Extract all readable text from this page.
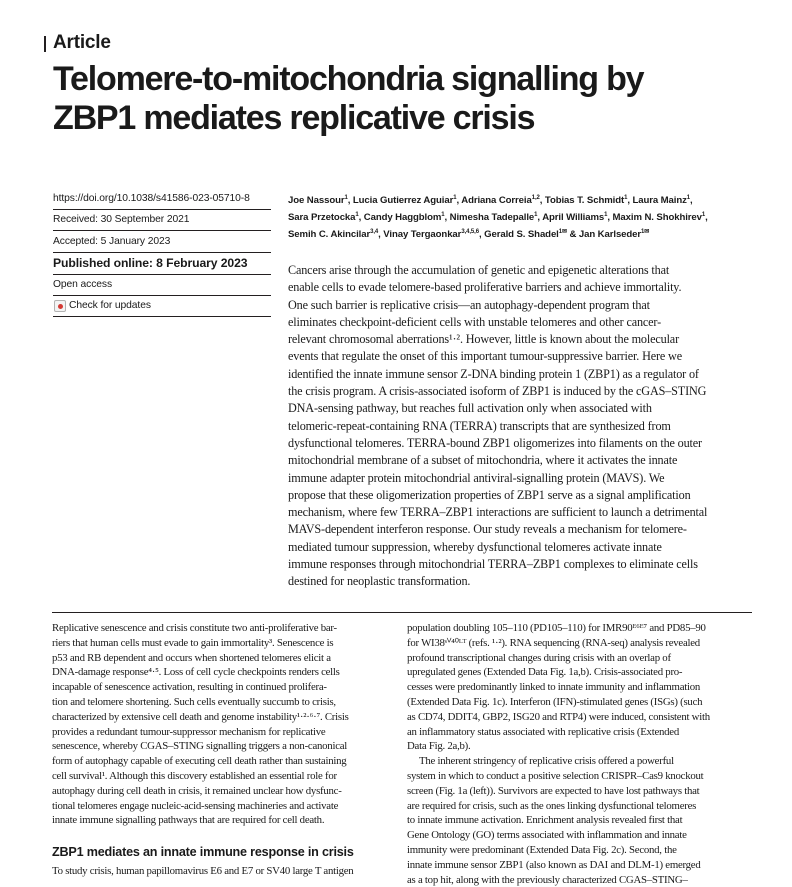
Article
Telomere-to-mitochondria signalling by
ZBP1 mediates replicative crisis
https://doi.org/10.1038/s41586-023-05710-8
Received: 30 September 2021
Accepted: 5 January 2023
Published online: 8 February 2023
Open access
Check for updates
Joe Nassour$^1$, Lucia Gutierrez Aguiar$^1$, Adriana Correia$^{1,2}$, Tobias T. Schmidt$^1$, Laura Mainz$^1$,
Sara Przetocka$^1$, Candy Haggblom$^1$, Nimesha Tadepalle$^1$, April Williams$^1$, Maxim N. Shokhirev$^1$,
Semih C. Akincilar$^{3,4}$, Vinay Tergaonkar$^{3,4,5,6}$, Gerald S. Shadel$^{1✉}$ & Jan Karlseder$^{1✉}$
Cancers arise through the accumulation of genetic and epigenetic alterations that
enable cells to evade telomere-based proliferative barriers and achieve immortality.
One such barrier is replicative crisis—an autophagy-dependent program that
eliminates checkpoint-deficient cells with unstable telomeres and other cancer-
relevant chromosomal aberrations¹·². However, little is known about the molecular
events that regulate the onset of this important tumour-suppressive barrier. Here we
identified the innate immune sensor Z-DNA binding protein 1 (ZBP1) as a regulator of
the crisis program. A crisis-associated isoform of ZBP1 is induced by the cGAS–STING
DNA-sensing pathway, but reaches full activation only when associated with
telomeric-repeat-containing RNA (TERRA) transcripts that are synthesized from
dysfunctional telomeres. TERRA-bound ZBP1 oligomerizes into filaments on the outer
mitochondrial membrane of a subset of mitochondria, where it activates the innate
immune adapter protein mitochondrial antiviral-signalling protein (MAVS). We
propose that these oligomerization properties of ZBP1 serve as a signal amplification
mechanism, where few TERRA–ZBP1 interactions are sufficient to launch a detrimental
MAVS-dependent interferon response. Our study reveals a mechanism for telomere-
mediated tumour suppression, whereby dysfunctional telomeres activate innate
immune responses through mitochondrial TERRA–ZBP1 complexes to eliminate cells
destined for neoplastic transformation.
Replicative senescence and crisis constitute two anti-proliferative bar-
riers that human cells must evade to gain immortality³. Senescence is
p53 and RB dependent and occurs when shortened telomeres elicit a
DNA-damage response⁴·⁵. Loss of cell cycle checkpoints renders cells
incapable of senescence activation, resulting in continued prolifera-
tion and telomere shortening. Such cells eventually succumb to crisis,
characterized by extensive cell death and genome instability¹·²·⁶·⁷. Crisis
provides a redundant tumour-suppressor mechanism for replicative
senescence, whereby CGAS–STING signalling triggers a non-canonical
form of autophagy capable of executing cell death rather than sustaining
cell survival¹. Although this discovery established an essential role for
autophagy during cell death in crisis, it remained unclear how dysfunc-
tional telomeres engage nucleic-acid-sensing machineries and activate
innate immune signalling pathways that are required for cell death.
ZBP1 mediates an innate immune response in crisis
To study crisis, human papillomavirus E6 and E7 or SV40 large T antigen
population doubling 105–110 (PD105–110) for IMR90ᴱ⁶ᴱ⁷ and PD85–90
for WI38ˢⱽ⁴⁰ᴸᵀ (refs. ¹·²). RNA sequencing (RNA-seq) analysis revealed
profound transcriptional changes during crisis with an overlap of
upregulated genes (Extended Data Fig. 1a,b). Crisis-associated pro-
cesses were predominantly linked to innate immunity and inflammation
(Extended Data Fig. 1c). Interferon (IFN)-stimulated genes (ISGs) (such
as CD74, DDIT4, GBP2, ISG20 and RTP4) were induced, consistent with
an inflammatory status associated with replicative crisis (Extended
Data Fig. 2a,b).
The inherent stringency of replicative crisis offered a powerful
system in which to conduct a positive selection CRISPR–Cas9 knockout
screen (Fig. 1a (left)). Survivors are expected to have lost pathways that
are required for crisis, such as the ones linking dysfunctional telomeres
to innate immune activation. Enrichment analysis revealed first that
Gene Ontology (GO) terms associated with inflammation and innate
immunity were predominant (Extended Data Fig. 2c). Second, the
innate immune sensor ZBP1 (also known as DAI and DLM-1) emerged
as a top hit, along with the previously characterized CGAS–STING–
